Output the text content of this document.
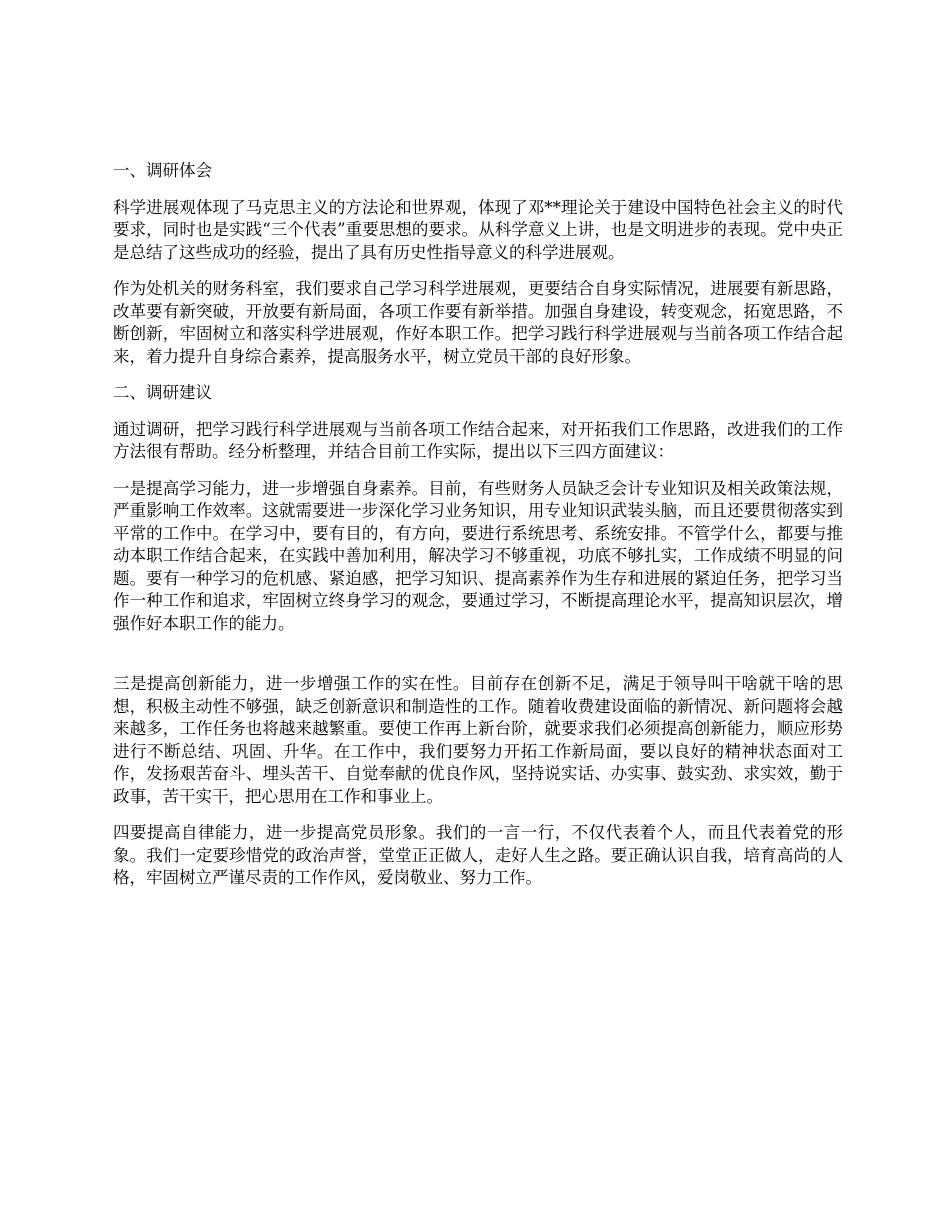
一、调研体会

科学进展观体现了马克思主义的方法论和世界观，体现了邓**理论关于建设中国特色社会主义的时代要求，同时也是实践“三个代表”重要思想的要求。从科学意义上讲，也是文明进步的表现。党中央正是总结了这些成功的经验，提出了具有历史性指导意义的科学进展观。

作为处机关的财务科室，我们要求自己学习科学进展观，更要结合自身实际情况，进展要有新思路，改革要有新突破，开放要有新局面，各项工作要有新举措。加强自身建设，转变观念，拓宽思路，不断创新，牢固树立和落实科学进展观，作好本职工作。把学习践行科学进展观与当前各项工作结合起来，着力提升自身综合素养，提高服务水平，树立党员干部的良好形象。

二、调研建议

通过调研，把学习践行科学进展观与当前各项工作结合起来，对开拓我们工作思路，改进我们的工作方法很有帮助。经分析整理，并结合目前工作实际，提出以下三四方面建议：

一是提高学习能力，进一步增强自身素养。目前，有些财务人员缺乏会计专业知识及相关政策法规，严重影响工作效率。这就需要进一步深化学习业务知识，用专业知识武装头脑，而且还要贯彻落实到平常的工作中。在学习中，要有目的，有方向，要进行系统思考、系统安排。不管学什么，都要与推动本职工作结合起来，在实践中善加利用，解决学习不够重视，功底不够扎实，工作成绩不明显的问题。要有一种学习的危机感、紧迫感，把学习知识、提高素养作为生存和进展的紧迫任务，把学习当作一种工作和追求，牢固树立终身学习的观念，要通过学习，不断提高理论水平，提高知识层次，增强作好本职工作的能力。

三是提高创新能力，进一步增强工作的实在性。目前存在创新不足，满足于领导叫干啥就干啥的思想，积极主动性不够强，缺乏创新意识和制造性的工作。随着收费建设面临的新情况、新问题将会越来越多，工作任务也将越来越繁重。要使工作再上新台阶，就要求我们必须提高创新能力，顺应形势进行不断总结、巩固、升华。在工作中，我们要努力开拓工作新局面，要以良好的精神状态面对工作，发扬艰苦奋斗、埋头苦干、自觉奉献的优良作风，坚持说实话、办实事、鼓实劲、求实效，勤于政事，苦干实干，把心思用在工作和事业上。

四要提高自律能力，进一步提高党员形象。我们的一言一行，不仅代表着个人，而且代表着党的形象。我们一定要珍惜党的政治声誉，堂堂正正做人，走好人生之路。要正确认识自我，培育高尚的人格，牢固树立严谨尽责的工作作风，爱岗敬业、努力工作。
